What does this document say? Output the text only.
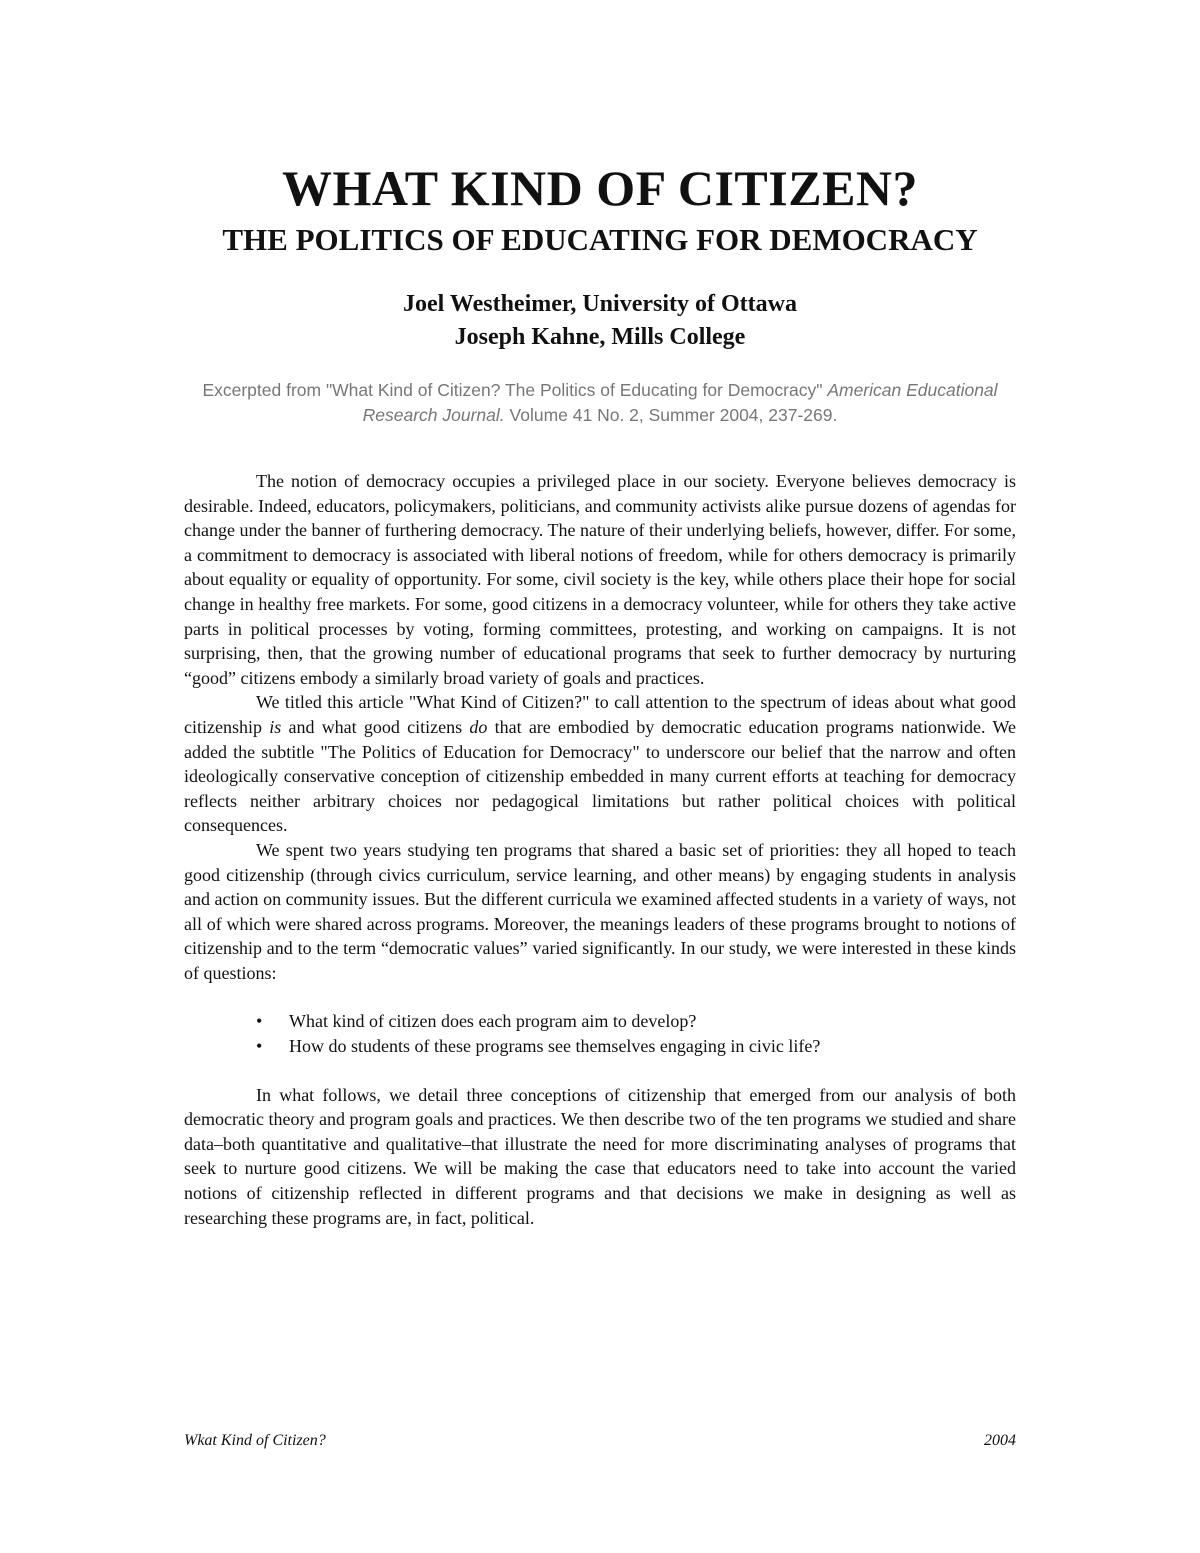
WHAT KIND OF CITIZEN?
THE POLITICS OF EDUCATING FOR DEMOCRACY
Joel Westheimer, University of Ottawa
Joseph Kahne, Mills College
Excerpted from "What Kind of Citizen? The Politics of Educating for Democracy" American Educational Research Journal. Volume 41 No. 2, Summer 2004, 237-269.

The notion of democracy occupies a privileged place in our society. Everyone believes democracy is desirable. Indeed, educators, policymakers, politicians, and community activists alike pursue dozens of agendas for change under the banner of furthering democracy. The nature of their underlying beliefs, however, differ. For some, a commitment to democracy is associated with liberal notions of freedom, while for others democracy is primarily about equality or equality of opportunity. For some, civil society is the key, while others place their hope for social change in healthy free markets. For some, good citizens in a democracy volunteer, while for others they take active parts in political processes by voting, forming committees, protesting, and working on campaigns. It is not surprising, then, that the growing number of educational programs that seek to further democracy by nurturing “good” citizens embody a similarly broad variety of goals and practices.

We titled this article "What Kind of Citizen?" to call attention to the spectrum of ideas about what good citizenship is and what good citizens do that are embodied by democratic education programs nationwide. We added the subtitle "The Politics of Education for Democracy" to underscore our belief that the narrow and often ideologically conservative conception of citizenship embedded in many current efforts at teaching for democracy reflects neither arbitrary choices nor pedagogical limitations but rather political choices with political consequences.

We spent two years studying ten programs that shared a basic set of priorities: they all hoped to teach good citizenship (through civics curriculum, service learning, and other means) by engaging students in analysis and action on community issues. But the different curricula we examined affected students in a variety of ways, not all of which were shared across programs. Moreover, the meanings leaders of these programs brought to notions of citizenship and to the term “democratic values” varied significantly. In our study, we were interested in these kinds of questions:

• What kind of citizen does each program aim to develop?
• How do students of these programs see themselves engaging in civic life?

In what follows, we detail three conceptions of citizenship that emerged from our analysis of both democratic theory and program goals and practices. We then describe two of the ten programs we studied and share data–both quantitative and qualitative–that illustrate the need for more discriminating analyses of programs that seek to nurture good citizens. We will be making the case that educators need to take into account the varied notions of citizenship reflected in different programs and that decisions we make in designing as well as researching these programs are, in fact, political.

Wkat Kind of Citizen?	2004
